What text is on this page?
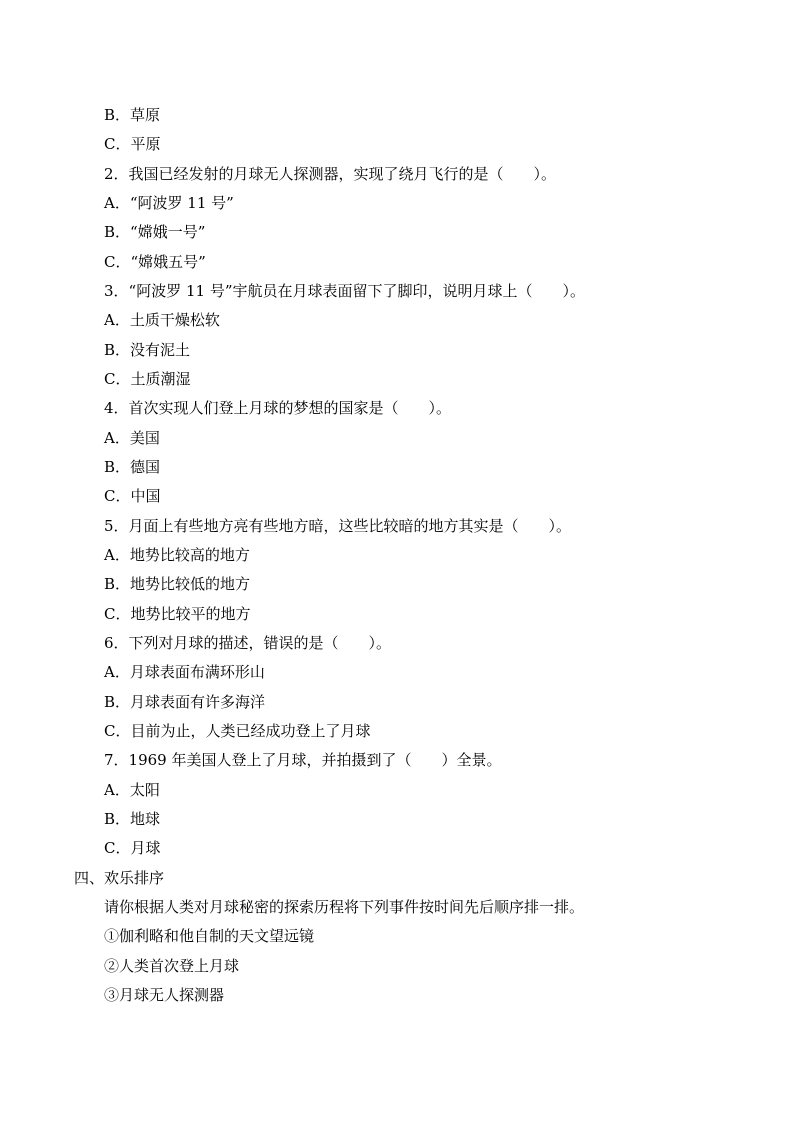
B．草原
C．平原
2．我国已经发射的月球无人探测器，实现了绕月飞行的是（　　）。
A．“阿波罗 11 号”
B．“嫦娥一号”
C．“嫦娥五号”
3．“阿波罗 11 号”宇航员在月球表面留下了脚印，说明月球上（　　）。
A．土质干燥松软
B．没有泥土
C．土质潮湿
4．首次实现人们登上月球的梦想的国家是（　　）。
A．美国
B．德国
C．中国
5．月面上有些地方亮有些地方暗，这些比较暗的地方其实是（　　）。
A．地势比较高的地方
B．地势比较低的地方
C．地势比较平的地方
6．下列对月球的描述，错误的是（　　）。
A．月球表面布满环形山
B．月球表面有许多海洋
C．目前为止，人类已经成功登上了月球
7．1969 年美国人登上了月球，并拍摄到了（　　）全景。
A．太阳
B．地球
C．月球
四、欢乐排序
请你根据人类对月球秘密的探索历程将下列事件按时间先后顺序排一排。
①伽利略和他自制的天文望远镜
②人类首次登上月球
③月球无人探测器
